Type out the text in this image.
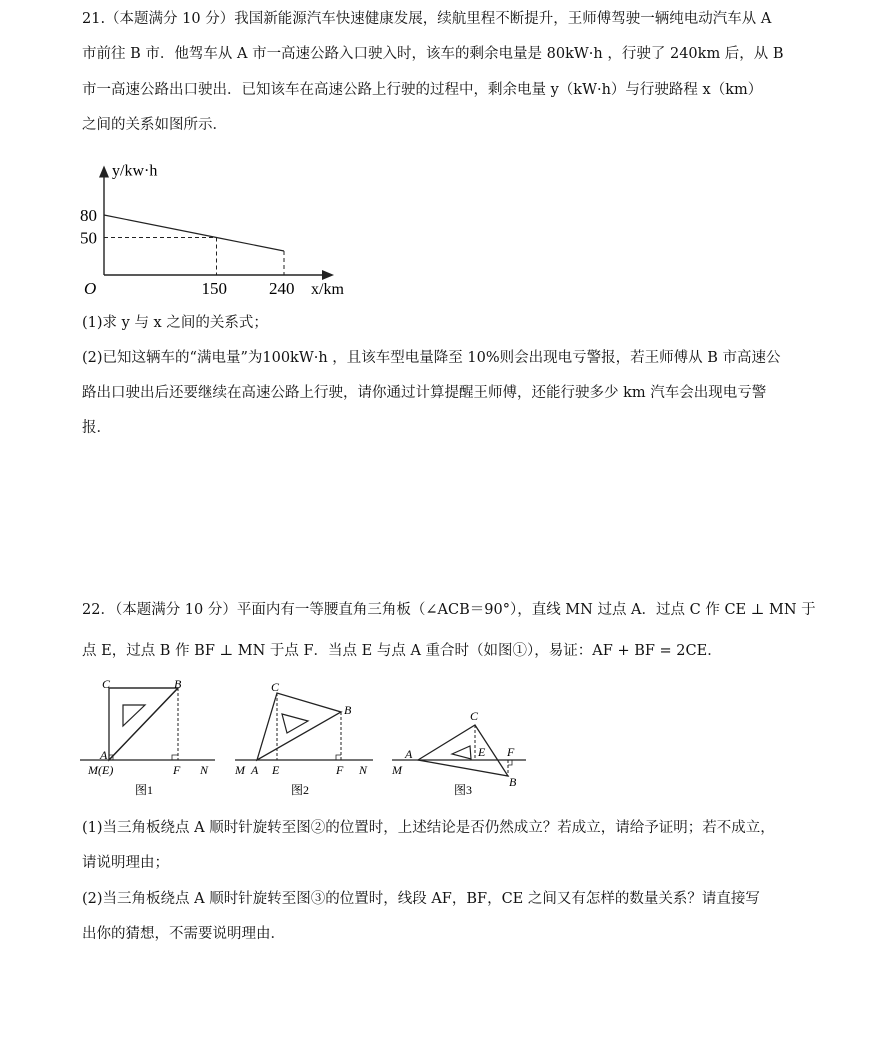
21.（本题满分 10 分）我国新能源汽车快速健康发展，续航里程不断提升，王师傅驾驶一辆纯电动汽车从 A
市前往 B 市．他驾车从 A 市一高速公路入口驶入时，该车的剩余电量是 80kW·h ，行驶了 240km 后，从 B
市一高速公路出口驶出．已知该车在高速公路上行驶的过程中，剩余电量 y（kW·h）与行驶路程 x（km）
之间的关系如图所示．
80
50
150 240
O
y/kw·h
x/km
(1)求 y 与 x 之间的关系式；
(2)已知这辆车的“满电量”为100kW·h ，且该车型电量降至 10%则会出现电亏警报，若王师傅从 B 市高速公
路出口驶出后还要继续在高速公路上行驶，请你通过计算提醒王师傅，还能行驶多少 km 汽车会出现电亏警
报．
22．（本题满分 10 分）平面内有一等腰直角三角板（∠ACB＝90°），直线 MN 过点 A．过点 C 作 CE ⊥ MN 于
点 E，过点 B 作 BF ⊥ MN 于点 F．当点 E 与点 A 重合时（如图①），易证：AF + BF = 2CE．
C	B
A
M(E)	F N
图1
C
B
M A E	F N
图2
C
A	E F
M
B
图3
(1)当三角板绕点 A 顺时针旋转至图②的位置时，上述结论是否仍然成立？若成立，请给予证明；若不成立，
请说明理由；
(2)当三角板绕点 A 顺时针旋转至图③的位置时，线段 AF，BF，CE 之间又有怎样的数量关系？请直接写
出你的猜想，不需要说明理由．
